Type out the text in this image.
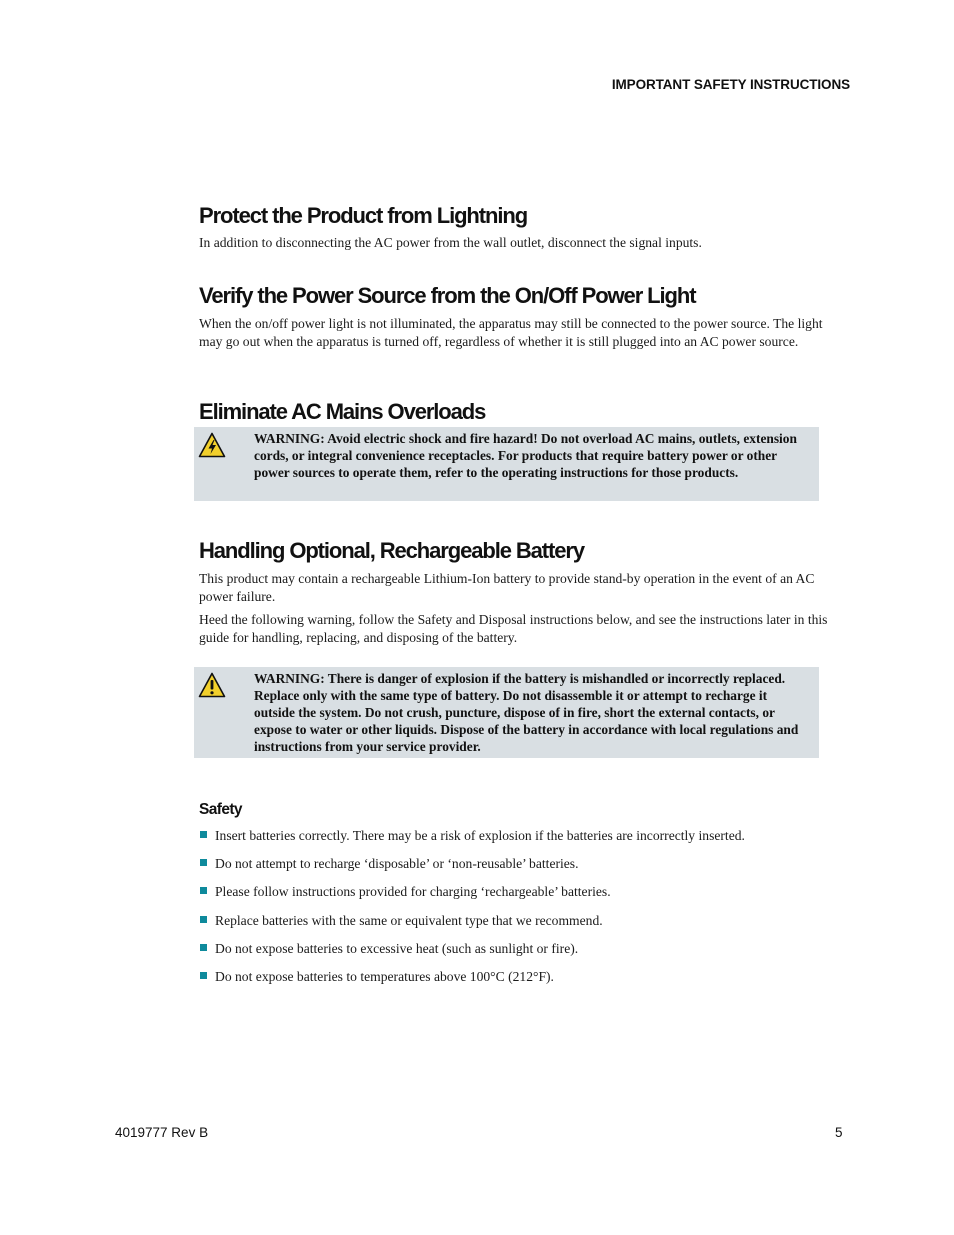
IMPORTANT SAFETY INSTRUCTIONS
Protect the Product from Lightning

In addition to disconnecting the AC power from the wall outlet, disconnect the signal inputs.

Verify the Power Source from the On/Off Power Light

When the on/off power light is not illuminated, the apparatus may still be connected to the power source. The light may go out when the apparatus is turned off, regardless of whether it is still plugged into an AC power source.

Eliminate AC Mains Overloads
WARNING: Avoid electric shock and fire hazard! Do not overload AC mains, outlets, extension cords, or integral convenience receptacles. For products that require battery power or other power sources to operate them, refer to the operating instructions for those products.
Handling Optional, Rechargeable Battery

This product may contain a rechargeable Lithium-Ion battery to provide stand-by operation in the event of an AC power failure.

Heed the following warning, follow the Safety and Disposal instructions below, and see the instructions later in this guide for handling, replacing, and disposing of the battery.

WARNING: There is danger of explosion if the battery is mishandled or incorrectly replaced. Replace only with the same type of battery. Do not disassemble it or attempt to recharge it outside the system. Do not crush, puncture, dispose of in fire, short the external contacts, or expose to water or other liquids. Dispose of the battery in accordance with local regulations and instructions from your service provider.
Safety
Insert batteries correctly. There may be a risk of explosion if the batteries are incorrectly inserted.
Do not attempt to recharge ‘disposable’ or ‘non-reusable’ batteries.
Please follow instructions provided for charging ‘rechargeable’ batteries.
Replace batteries with the same or equivalent type that we recommend.
Do not expose batteries to excessive heat (such as sunlight or fire).
Do not expose batteries to temperatures above 100°C (212°F).
4019777 Rev B	5
